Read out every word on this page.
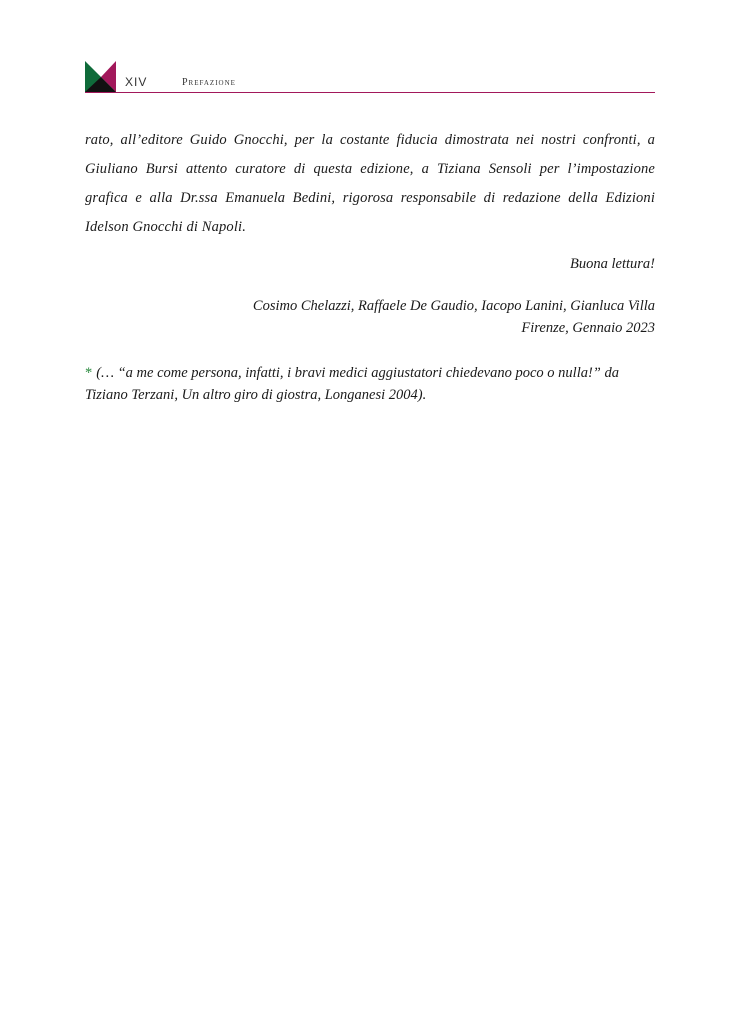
XIV	Prefazione

rato, all’editore Guido Gnocchi, per la costante fiducia dimostrata nei nostri confronti, a Giuliano Bursi attento curatore di questa edizione, a Tiziana Sensoli per l’impostazione grafica e alla Dr.ssa Emanuela Bedini, rigorosa responsabile di redazione della Edizioni Idelson Gnocchi di Napoli.

Buona lettura!

Cosimo Chelazzi, Raffaele De Gaudio, Iacopo Lanini, Gianluca Villa
Firenze, Gennaio 2023

* (… “a me come persona, infatti, i bravi medici aggiustatori chiedevano poco o nulla!” da Tiziano Terzani, Un altro giro di giostra, Longanesi 2004).
